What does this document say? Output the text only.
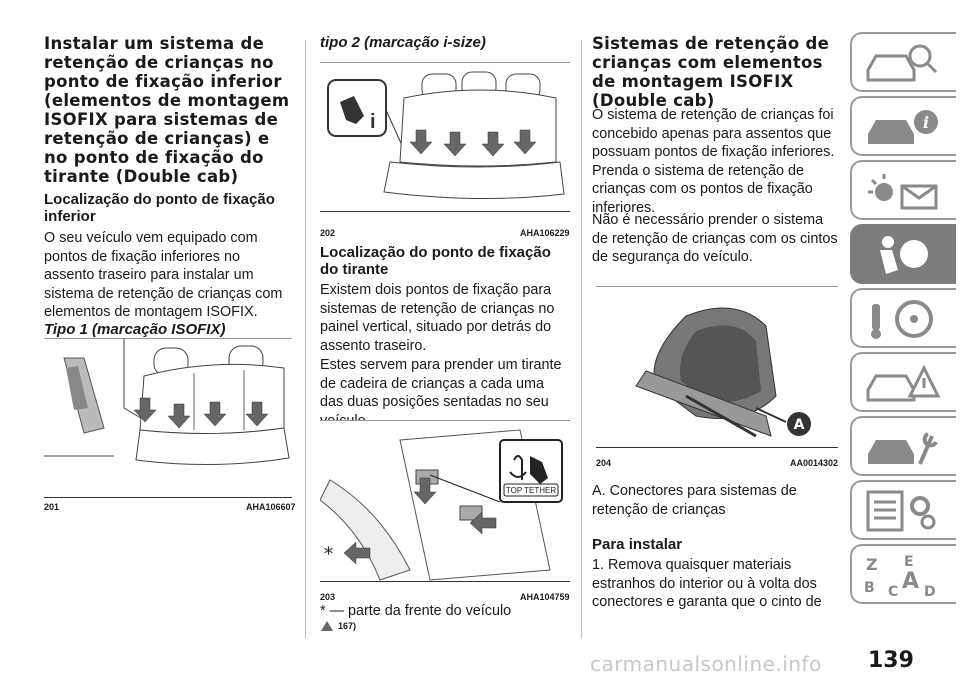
Instalar um sistema de retenção de crianças no ponto de fixação inferior (elementos de montagem ISOFIX para sistemas de retenção de crianças) e no ponto de fixação do tirante (Double cab)
Localização do ponto de fixação inferior

O seu veículo vem equipado com pontos de fixação inferiores no assento traseiro para instalar um sistema de retenção de crianças com elementos de montagem ISOFIX.

Tipo 1 (marcação ISOFIX)
201	AHA106607
tipo 2 (marcação i-size)
i
202	AHA106229
Localização do ponto de fixação do tirante

Existem dois pontos de fixação para sistemas de retenção de crianças no painel vertical, situado por detrás do assento traseiro.

Estes servem para prender um tirante de cadeira de crianças a cada uma das duas posições sentadas no seu

TOP TETHER
*
203	AHA104759

* — parte da frente do veículo

167)
Sistemas de retenção de crianças com elementos de montagem ISOFIX (Double cab)

O sistema de retenção de crianças foi concebido apenas para assentos que possuam pontos de fixação inferiores. Prenda o sistema de retenção de crianças com os pontos de fixação inferiores.

Não é necessário prender o sistema de retenção de crianças com os cintos de segurança do veículo.

A
204	AA0014302

A. Conectores para sistemas de retenção de crianças

Para instalar

1. Remova quaisquer materiais estranhos do interior ou à volta dos conectores e garanta que o cinto de

i
Z E
B C A D
139
carmanualsonline.info
